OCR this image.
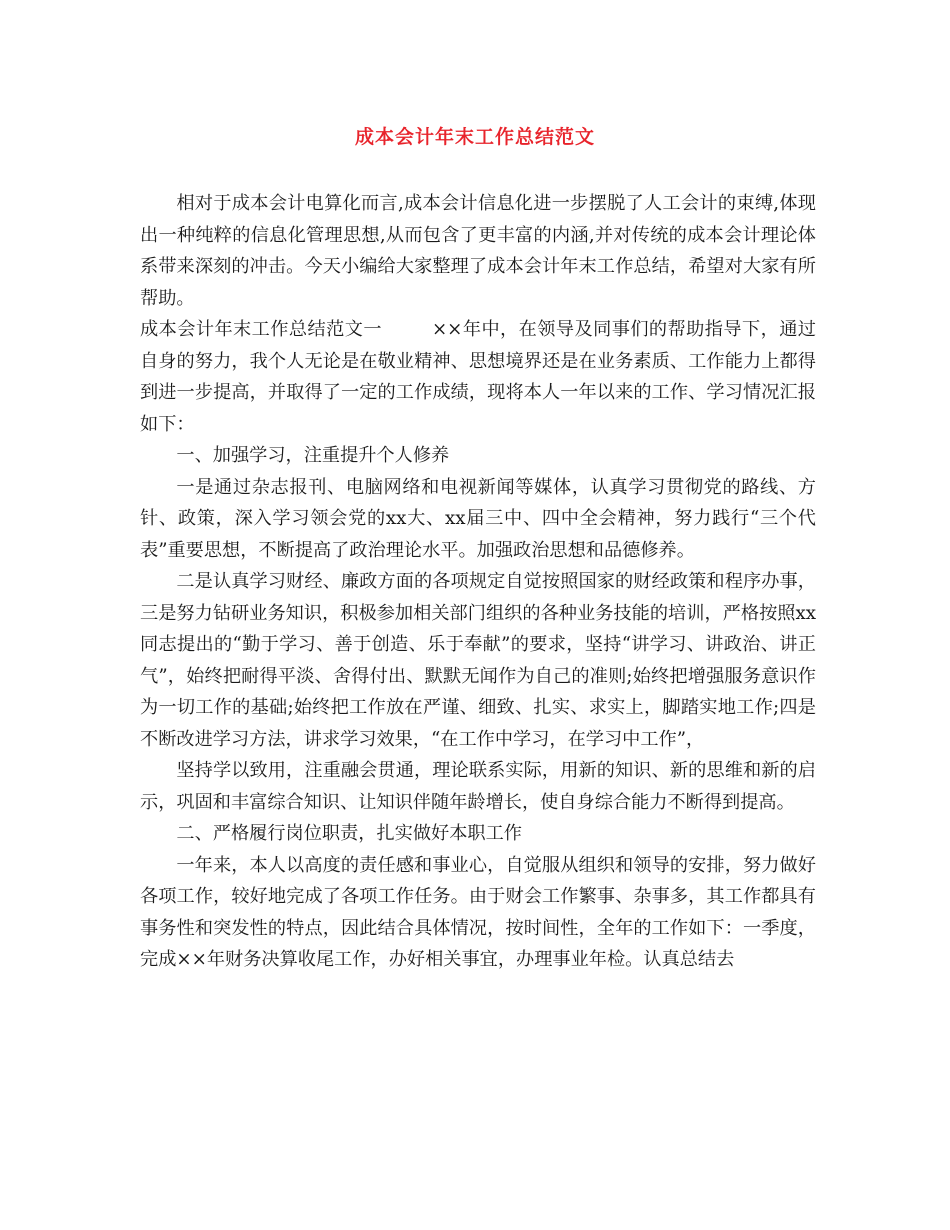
成本会计年末工作总结范文

相对于成本会计电算化而言,成本会计信息化进一步摆脱了人工会计的束缚,体现出一种纯粹的信息化管理思想,从而包含了更丰富的内涵,并对传统的成本会计理论体系带来深刻的冲击。今天小编给大家整理了成本会计年末工作总结，希望对大家有所帮助。

成本会计年末工作总结范文一	××年中，在领导及同事们的帮助指导下，通过自身的努力，我个人无论是在敬业精神、思想境界还是在业务素质、工作能力上都得到进一步提高，并取得了一定的工作成绩，现将本人一年以来的工作、学习情况汇报如下：

一、加强学习，注重提升个人修养

一是通过杂志报刊、电脑网络和电视新闻等媒体，认真学习贯彻党的路线、方针、政策，深入学习领会党的xx大、xx届三中、四中全会精神，努力践行“三个代表”重要思想，不断提高了政治理论水平。加强政治思想和品德修养。

二是认真学习财经、廉政方面的各项规定自觉按照国家的财经政策和程序办事，三是努力钻研业务知识，积极参加相关部门组织的各种业务技能的培训，严格按照xx同志提出的“勤于学习、善于创造、乐于奉献”的要求，坚持“讲学习、讲政治、讲正气”，始终把耐得平淡、舍得付出、默默无闻作为自己的准则;始终把增强服务意识作为一切工作的基础;始终把工作放在严谨、细致、扎实、求实上，脚踏实地工作;四是不断改进学习方法，讲求学习效果，“在工作中学习，在学习中工作”，

坚持学以致用，注重融会贯通，理论联系实际，用新的知识、新的思维和新的启示，巩固和丰富综合知识、让知识伴随年龄增长，使自身综合能力不断得到提高。

二、严格履行岗位职责，扎实做好本职工作

一年来，本人以高度的责任感和事业心，自觉服从组织和领导的安排，努力做好各项工作，较好地完成了各项工作任务。由于财会工作繁事、杂事多，其工作都具有事务性和突发性的特点，因此结合具体情况，按时间性，全年的工作如下：一季度，完成××年财务决算收尾工作，办好相关事宜，办理事业年检。认真总结去
